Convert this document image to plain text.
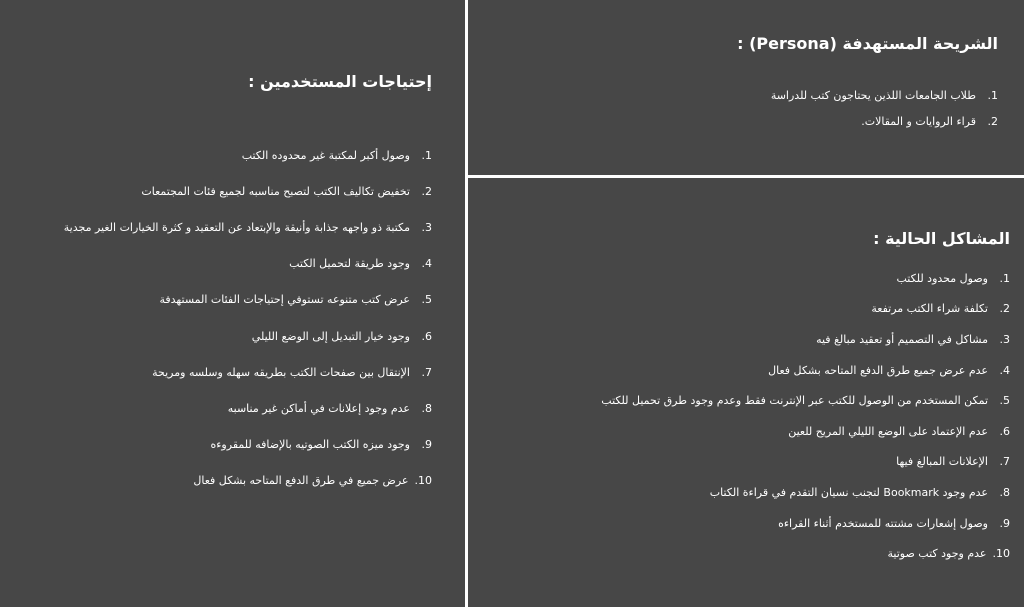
إحتياجات المستخدمين :
1.
وصول أكبر لمكتبة غير محدوده الكتب
2.
تخفيض تكاليف الكتب لتصبح مناسبه لجميع فئات المجتمعات
3.
مكتبة ذو واجهه جذابة وأنيقة والإبتعاد عن التعقيد و كثرة الخيارات الغير مجدية
4.
وجود طريقة لتحميل الكتب
5.
عرض كتب متنوعه تستوفي إحتياجات الفئات المستهدفة
6.
وجود خيار التبديل إلى الوضع الليلي
7.
الإنتقال بين صفحات الكتب بطريقه سهله وسلسه ومريحة
8.
عدم وجود إعلانات في أماكن غير مناسبه
9.
وجود ميزه الكتب الصوتيه بالإضافه للمقروءه
10.
عرض جميع في طرق الدفع المتاحه بشكل فعال
الشريحة المستهدفة (Persona) :
1.
طلاب الجامعات اللذين يحتاجون كتب للدراسة
2.
قراء الروايات و المقالات.
المشاكل الحالية :
1.
وصول محدود للكتب
2.
تكلفة شراء الكتب مرتفعة
3.
مشاكل في التصميم أو تعقيد مبالغ فيه
4.
عدم عرض جميع طرق الدفع المتاحه بشكل فعال
5.
تمكن المستخدم من الوصول للكتب عبر الإنترنت فقط وعدم وجود طرق تحميل للكتب
6.
عدم الإعتماد على الوضع الليلي المريح للعين
7.
الإعلانات المبالغ فيها
8.
عدم وجود Bookmark لتجنب نسيان التقدم في قراءة الكتاب
9.
وصول إشعارات مشتته للمستخدم أثناء القراءه
10.
عدم وجود كتب صوتية
